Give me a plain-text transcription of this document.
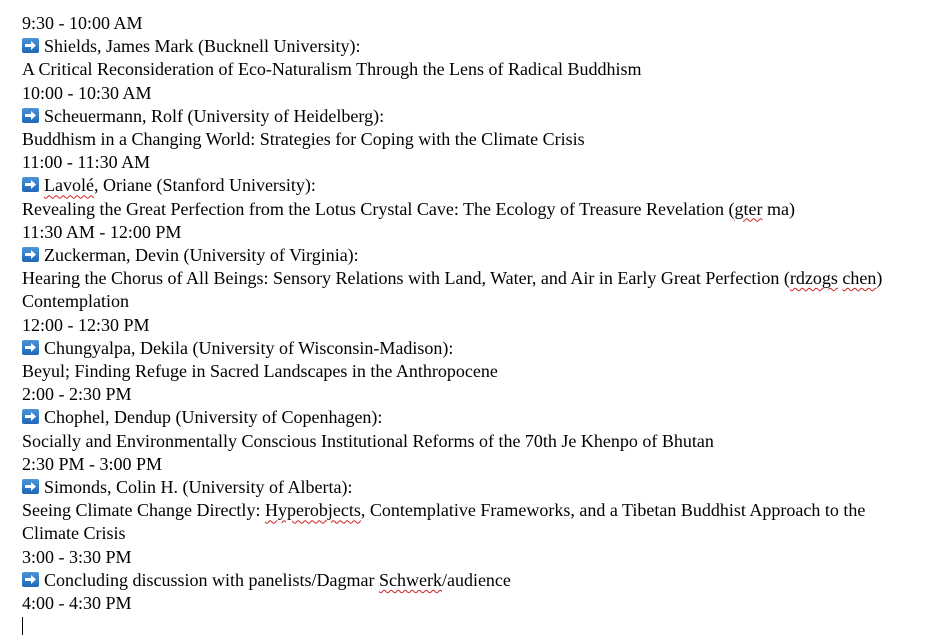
9:30 - 10:00 AM
Shields, James Mark (Bucknell University):
A Critical Reconsideration of Eco-Naturalism Through the Lens of Radical Buddhism
10:00 - 10:30 AM
Scheuermann, Rolf (University of Heidelberg):
Buddhism in a Changing World: Strategies for Coping with the Climate Crisis
11:00 - 11:30 AM
Lavolé, Oriane (Stanford University):
Revealing the Great Perfection from the Lotus Crystal Cave: The Ecology of Treasure Revelation (gter ma)
11:30 AM - 12:00 PM
Zuckerman, Devin (University of Virginia):
Hearing the Chorus of All Beings: Sensory Relations with Land, Water, and Air in Early Great Perfection (rdzogs chen) Contemplation
12:00 - 12:30 PM
Chungyalpa, Dekila (University of Wisconsin-Madison):
Beyul; Finding Refuge in Sacred Landscapes in the Anthropocene
2:00 - 2:30 PM
Chophel, Dendup (University of Copenhagen):
Socially and Environmentally Conscious Institutional Reforms of the 70th Je Khenpo of Bhutan
2:30 PM - 3:00 PM
Simonds, Colin H. (University of Alberta):
Seeing Climate Change Directly: Hyperobjects, Contemplative Frameworks, and a Tibetan Buddhist Approach to the Climate Crisis
3:00 - 3:30 PM
Concluding discussion with panelists/Dagmar Schwerk/audience
4:00 - 4:30 PM
